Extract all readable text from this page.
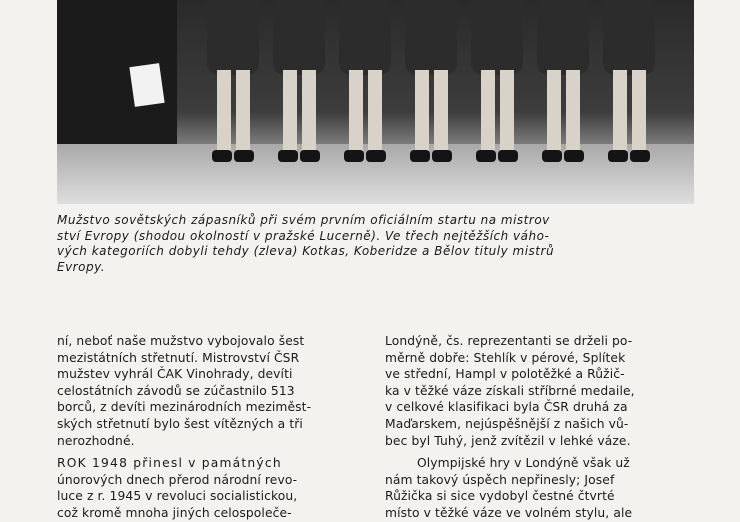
Mužstvo sovětských zápasníků při svém prvním oficiálním startu na mistrov
ství Evropy (shodou okolností v pražské Lucerně). Ve třech nejtěžších váho-
vých kategoriích dobyli tehdy (zleva) Kotkas, Koberidze a Bělov tituly mistrů
Evropy.

ní, neboť naše mužstvo vybojovalo šest
mezistátních střetnutí. Mistrovství ČSR
mužstev vyhrál ČAK Vinohrady, devíti
celostátních závodů se zúčastnilo 513
borců, z devíti mezinárodních meziměst-
ských střetnutí bylo šest vítězných a tři
nerozhodné.
ROK 1948 přinesl v památných
únorových dnech přerod národní revo-
luce z r. 1945 v revoluci socialistickou,
což kromě mnoha jiných celospoleče-
Londýně, čs. reprezentanti se drželi po-
měrně dobře: Stehlík v pérové, Splítek
ve střední, Hampl v polotěžké a Růžič-
ka v těžké váze získali stříbrné medaile,
v celkové klasifikaci byla ČSR druhá za
Maďarskem, nejúspěšnější z našich vů-
bec byl Tuhý, jenž zvítězil v lehké váze.
Olympijské hry v Londýně však už
nám takový úspěch nepřinesly; Josef
Růžička si sice vydobyl čestné čtvrté
místo v těžké váze ve volném stylu, ale
